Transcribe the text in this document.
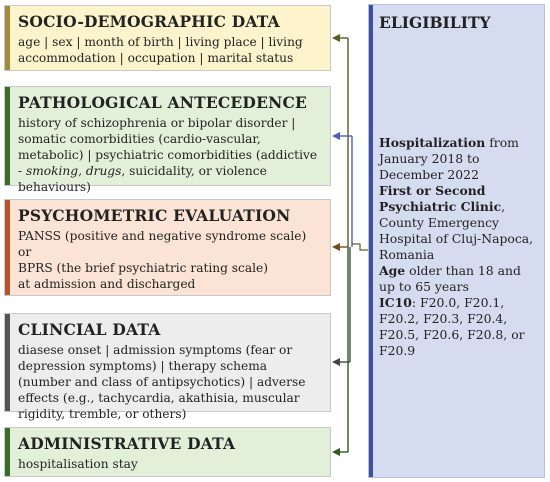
SOCIO-DEMOGRAPHIC DATA

age | sex | month of birth | living place | living accommodation | occupation | marital status

PATHOLOGICAL ANTECEDENCE

history of schizophrenia or bipolar disorder | somatic comorbidities (cardio-vascular, metabolic) | psychiatric comorbidities (addictive - smoking, drugs, suicidality, or violence behaviours)

PSYCHOMETRIC EVALUATION

PANSS (positive and negative syndrome scale)

or

BPRS (the brief psychiatric rating scale)

at admission and discharged

CLINCIAL DATA

diasese onset | admission symptoms (fear or depression symptoms) | therapy schema (number and class of antipsychotics) | adverse effects (e.g., tachycardia, akathisia, muscular rigidity, tremble, or others)

ADMINISTRATIVE DATA

hospitalisation stay

ELIGIBILITY

Hospitalization from January 2018 to December 2022

First or Second Psychiatric Clinic, County Emergency Hospital of Cluj-Napoca, Romania

Age older than 18 and up to 65 years

IC10: F20.0, F20.1, F20.2, F20.3, F20.4, F20.5, F20.6, F20.8, or F20.9
